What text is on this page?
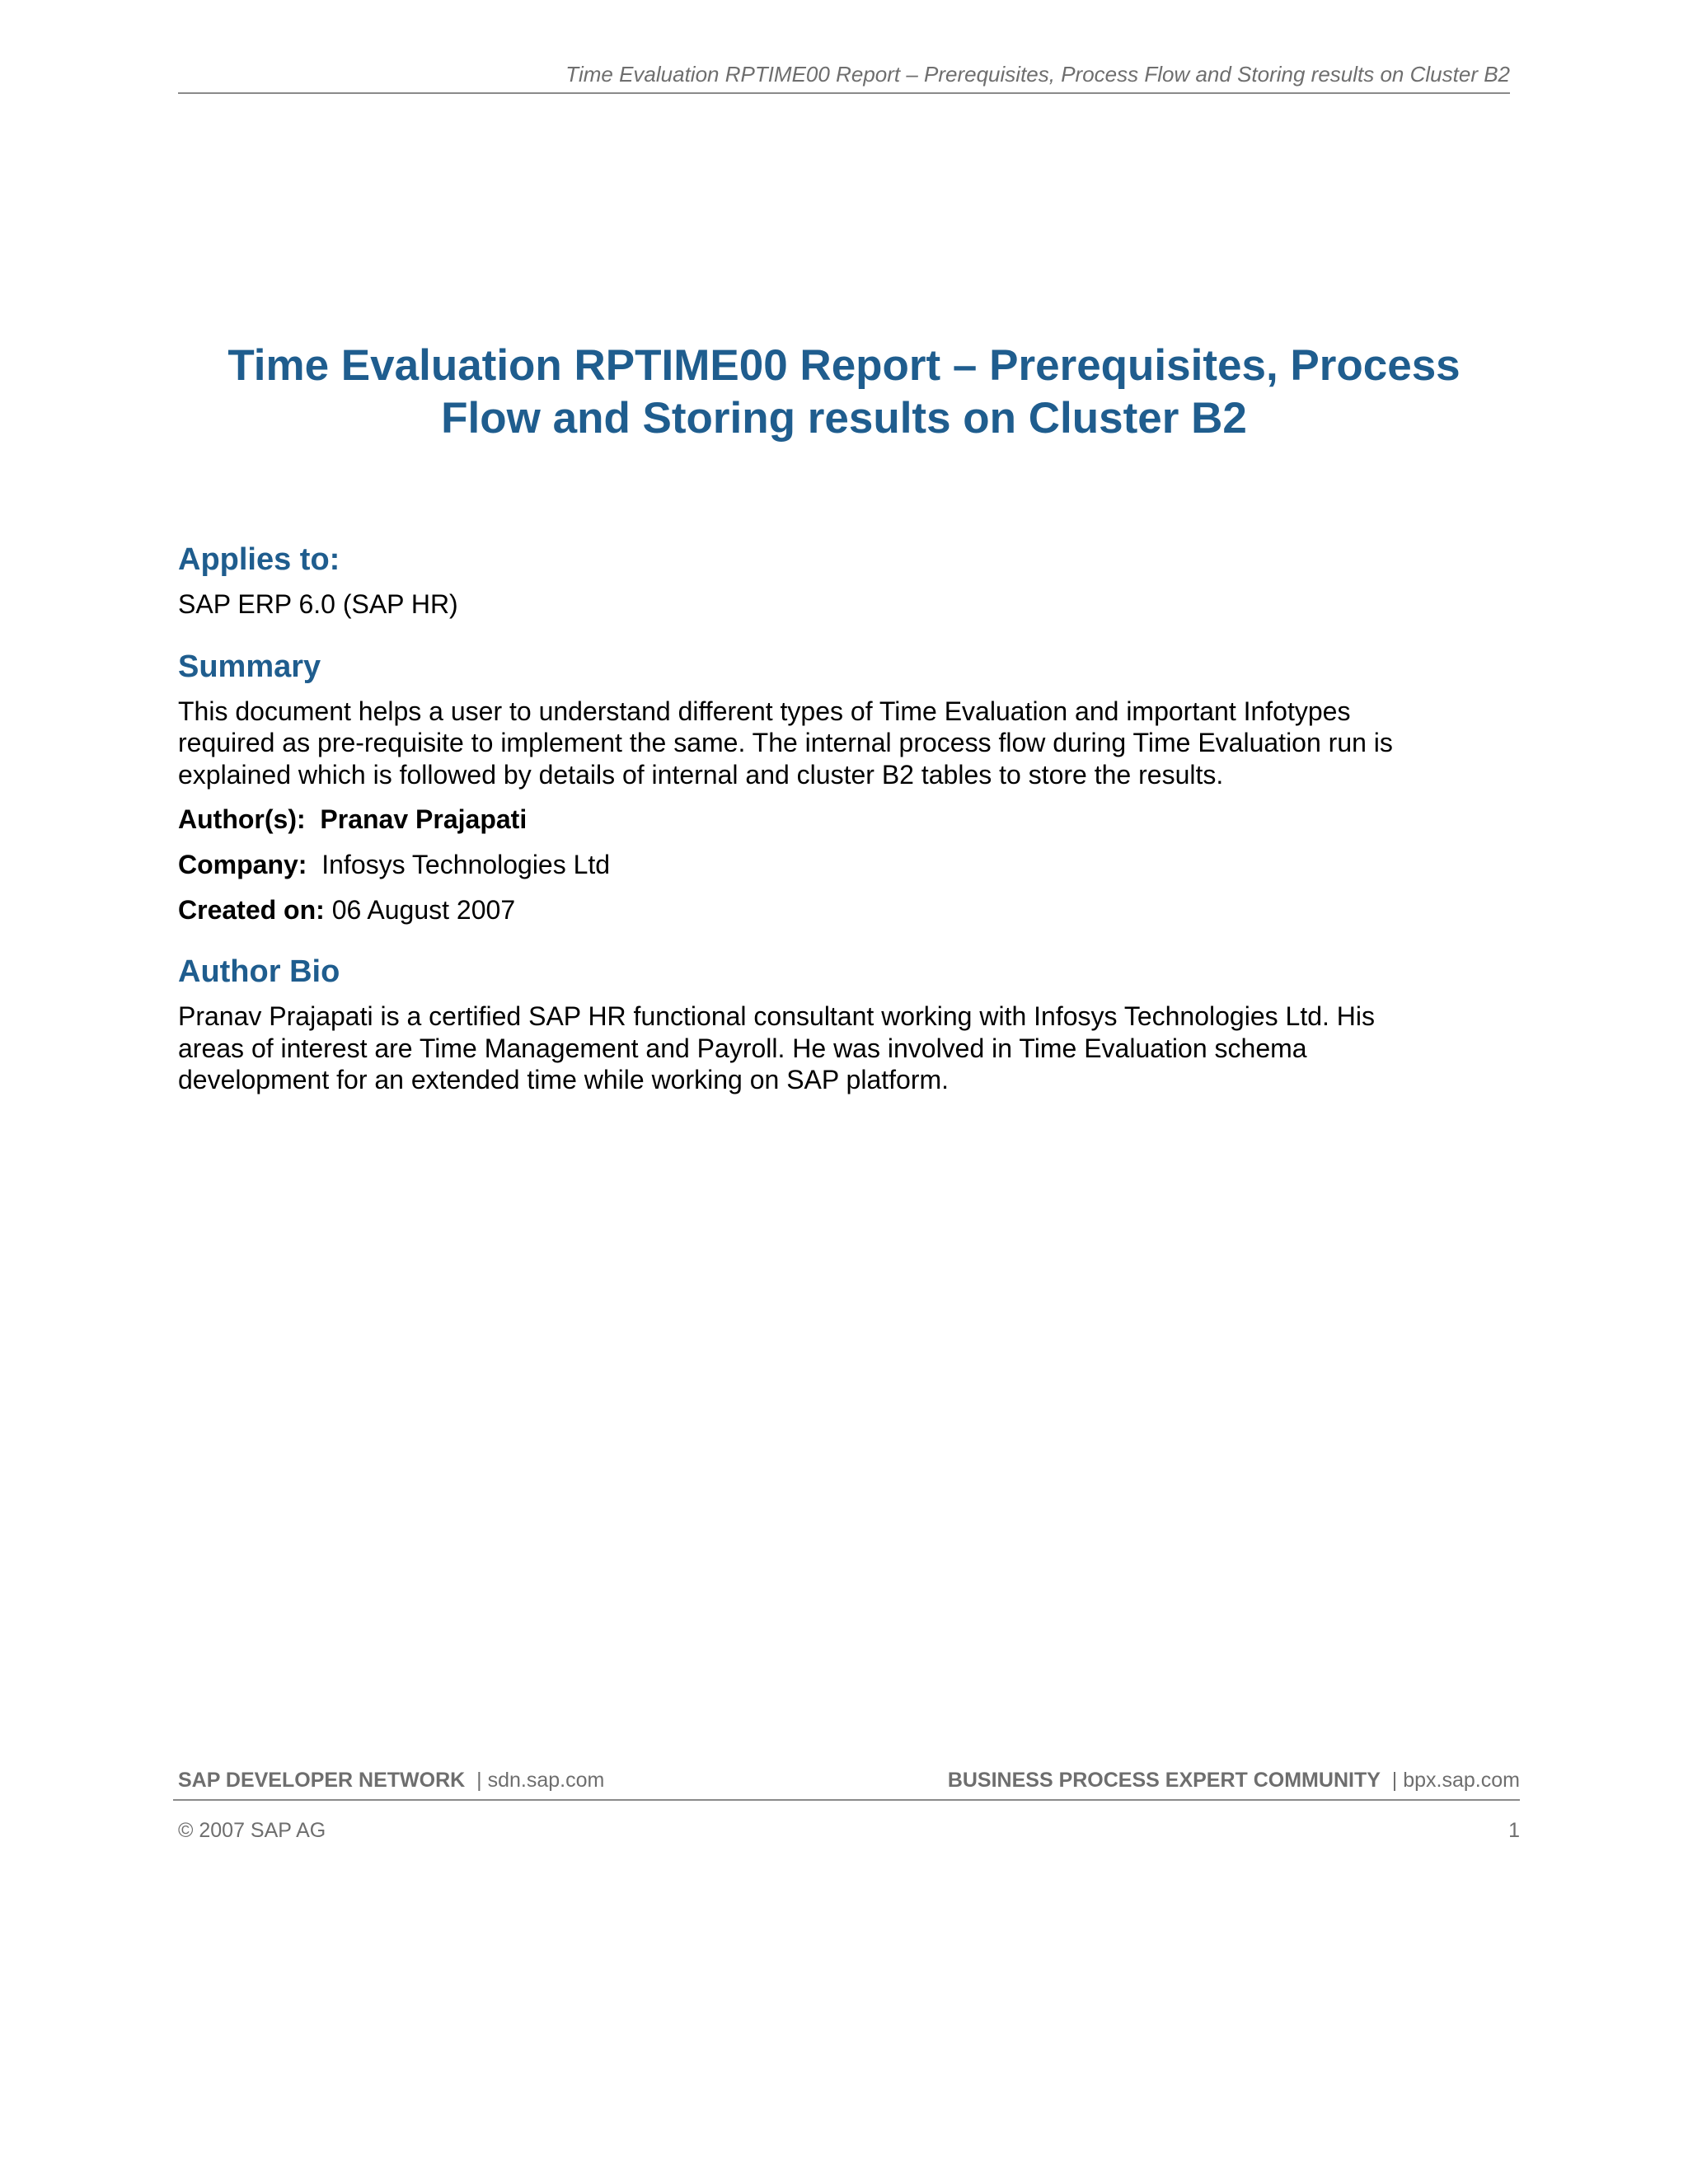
Time Evaluation RPTIME00 Report – Prerequisites, Process Flow and Storing results on Cluster B2
Time Evaluation RPTIME00 Report – Prerequisites, Process
Flow and Storing results on Cluster B2
Applies to:

SAP ERP 6.0 (SAP HR)

Summary

This document helps a user to understand different types of Time Evaluation and important Infotypes

required as pre-requisite to implement the same. The internal process flow during Time Evaluation run is

explained which is followed by details of internal and cluster B2 tables to store the results.

Author(s): Pranav Prajapati

Company: Infosys Technologies Ltd

Created on: 06 August 2007

Author Bio

Pranav Prajapati is a certified SAP HR functional consultant working with Infosys Technologies Ltd. His

areas of interest are Time Management and Payroll. He was involved in Time Evaluation schema

development for an extended time while working on SAP platform.

SAP DEVELOPER NETWORK | sdn.sap.com	BUSINESS PROCESS EXPERT COMMUNITY | bpx.sap.com
© 2007 SAP AG	1
